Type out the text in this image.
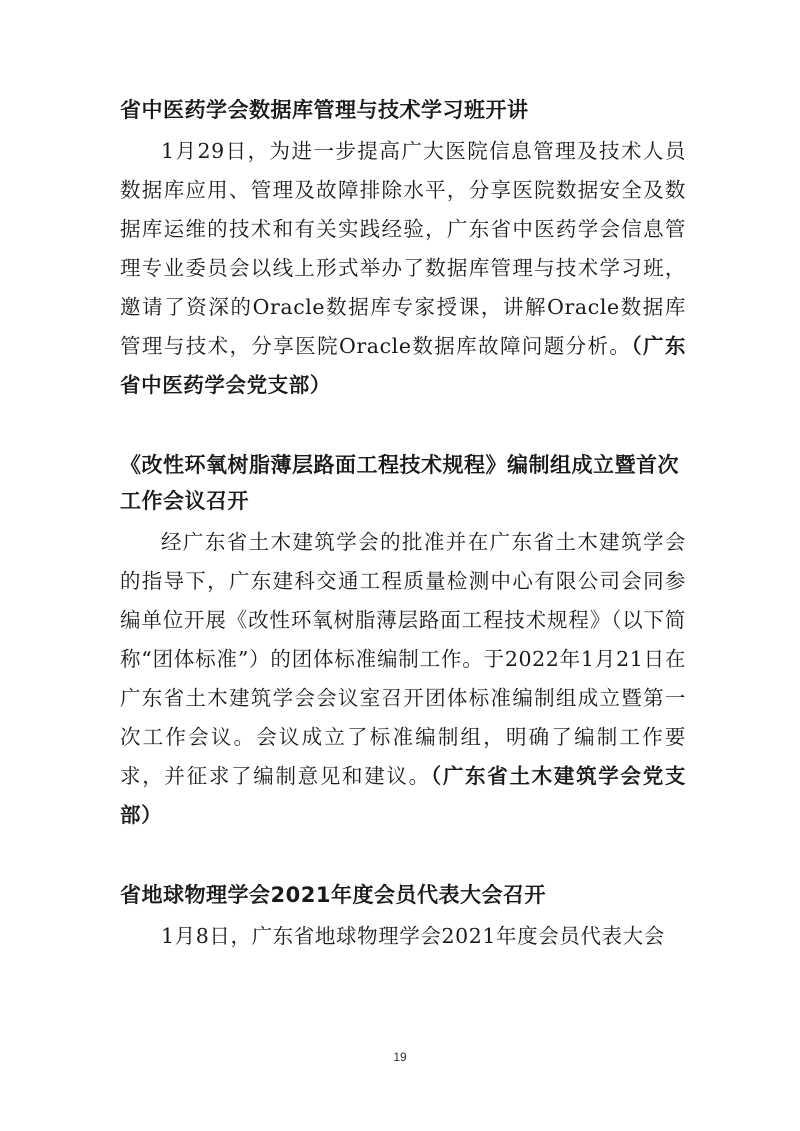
省中医药学会数据库管理与技术学习班开讲

1月29日，为进一步提高广大医院信息管理及技术人员数据库应用、管理及故障排除水平，分享医院数据安全及数据库运维的技术和有关实践经验，广东省中医药学会信息管理专业委员会以线上形式举办了数据库管理与技术学习班，邀请了资深的Oracle数据库专家授课，讲解Oracle数据库管理与技术，分享医院Oracle数据库故障问题分析。（广东省中医药学会党支部）

《改性环氧树脂薄层路面工程技术规程》编制组成立暨首次工作会议召开

经广东省土木建筑学会的批准并在广东省土木建筑学会的指导下，广东建科交通工程质量检测中心有限公司会同参编单位开展《改性环氧树脂薄层路面工程技术规程》（以下简称“团体标准”）的团体标准编制工作。于2022年1月21日在广东省土木建筑学会会议室召开团体标准编制组成立暨第一次工作会议。会议成立了标准编制组，明确了编制工作要求，并征求了编制意见和建议。（广东省土木建筑学会党支部）

省地球物理学会2021年度会员代表大会召开

1月8日，广东省地球物理学会2021年度会员代表大会

19
